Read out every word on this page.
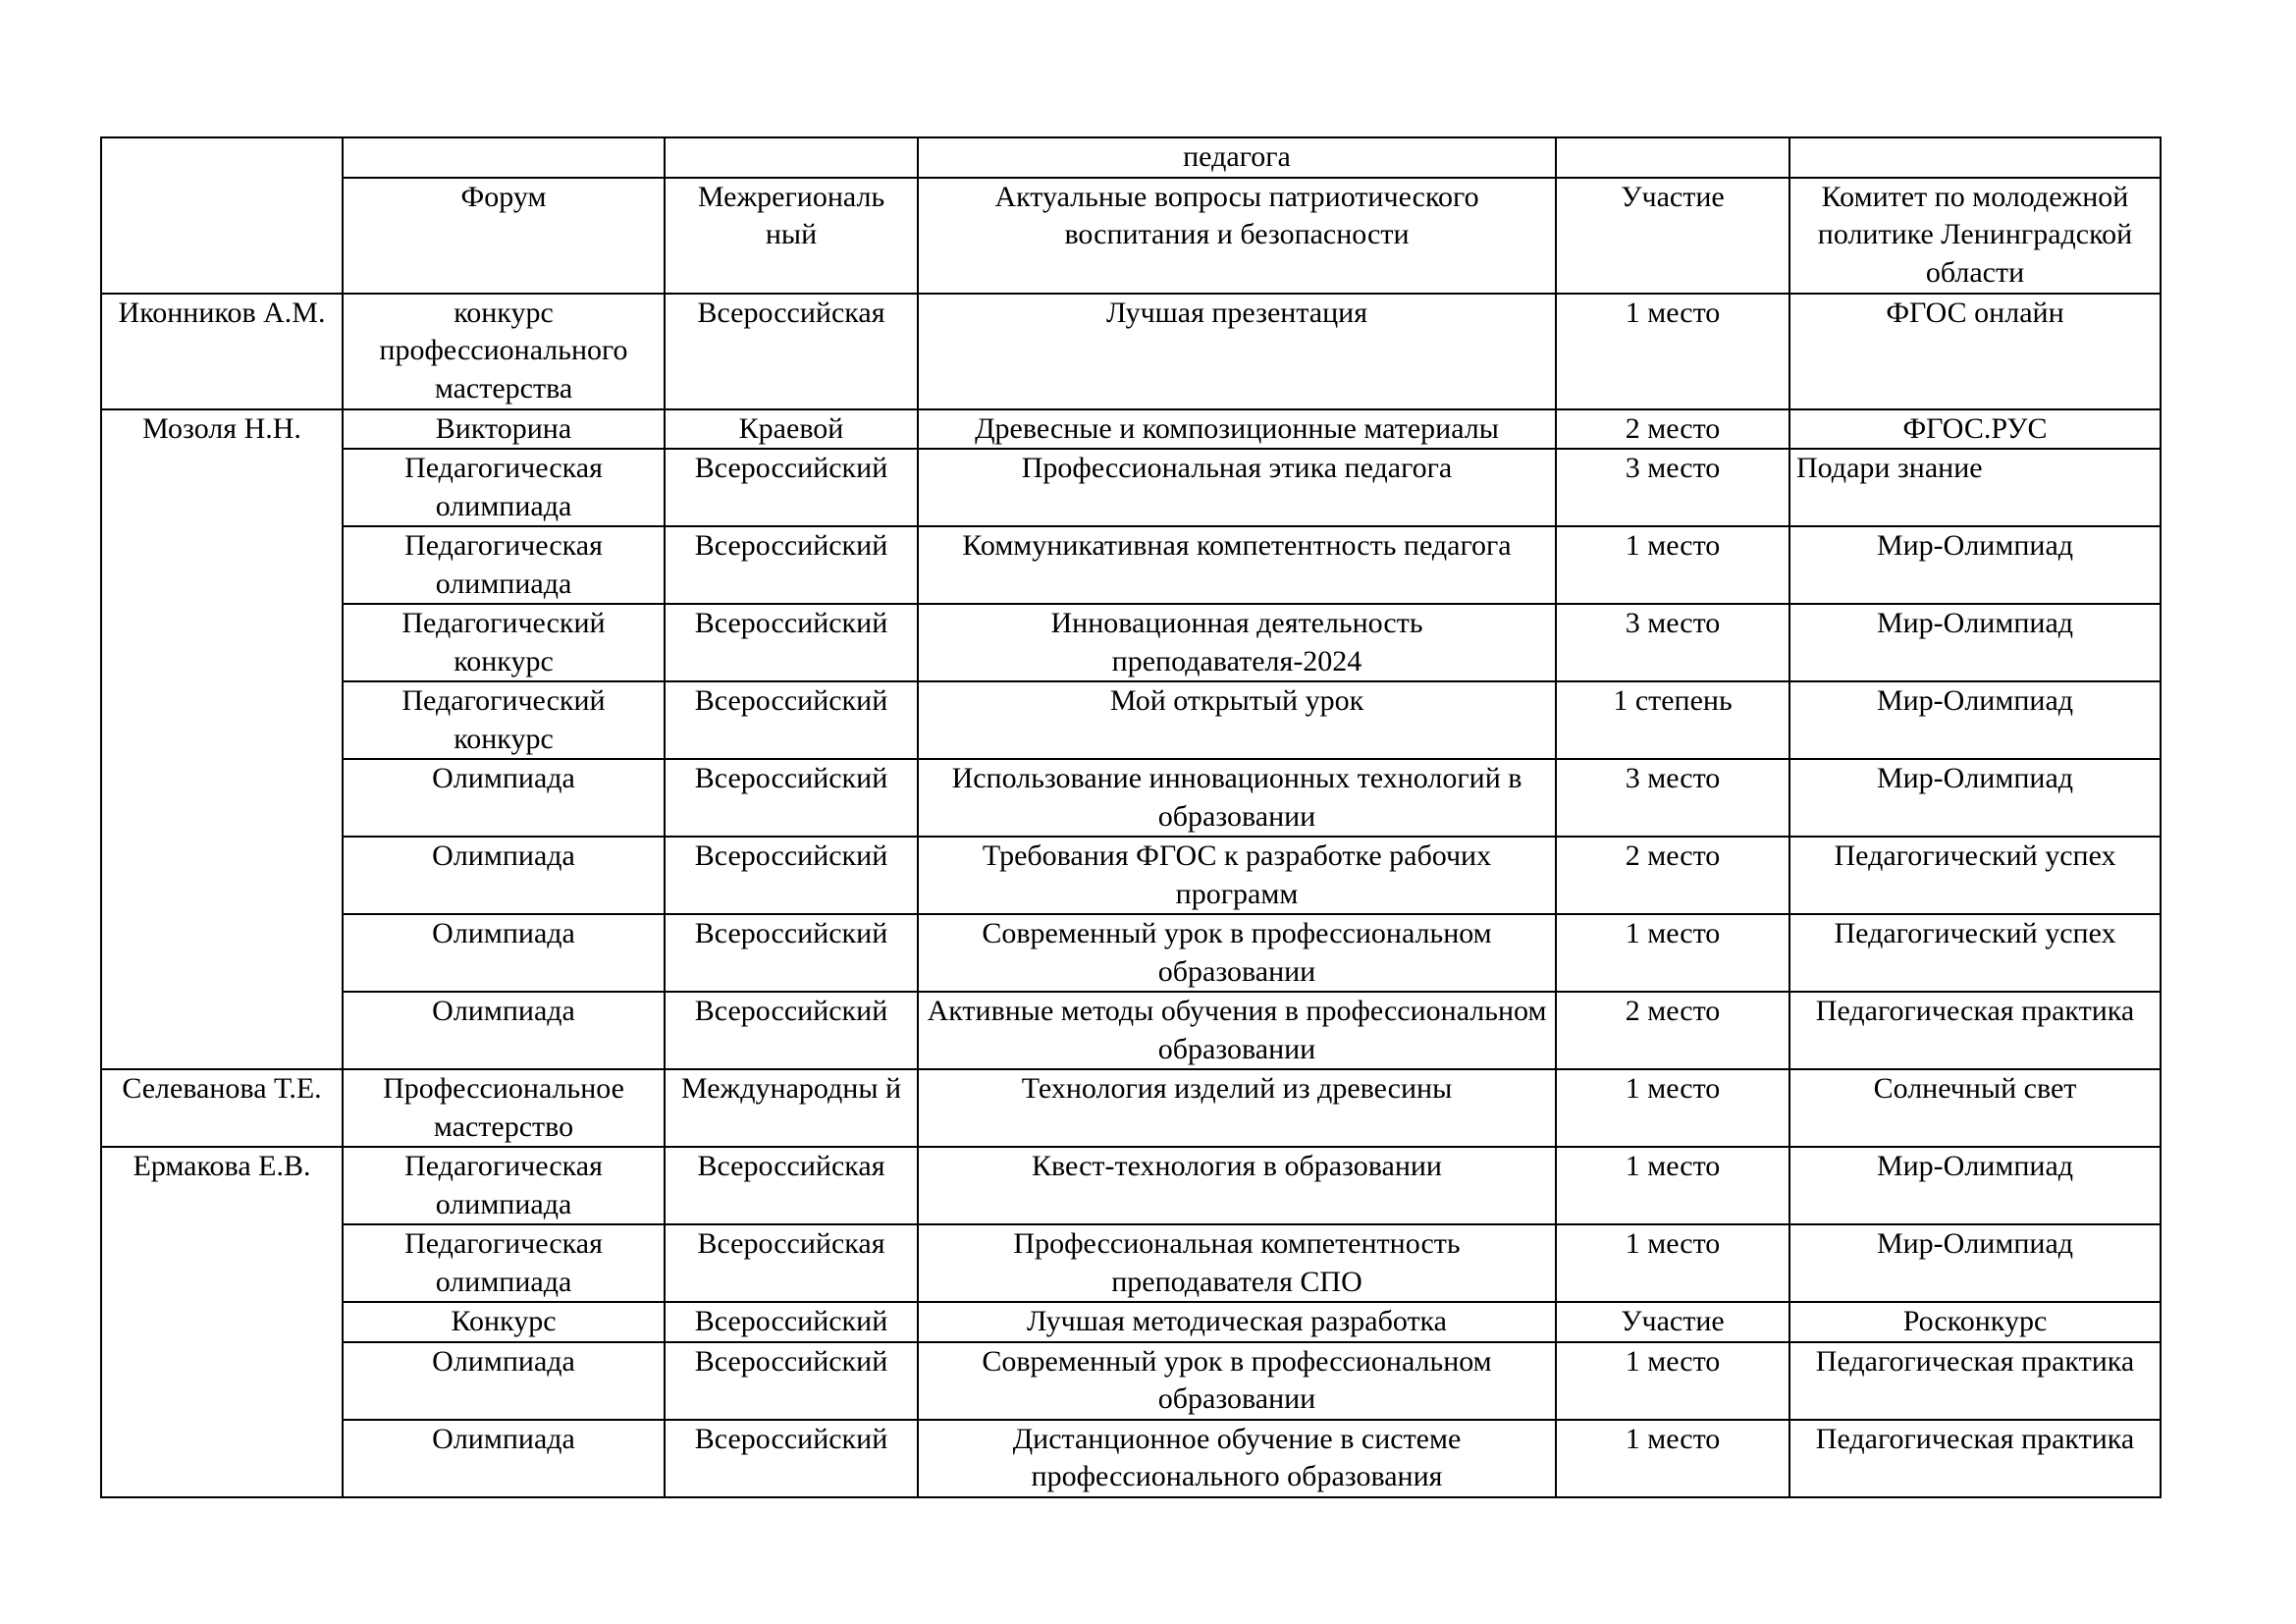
			педагога		
	Форум	Межрегиональ ный	Актуальные вопросы патриотического воспитания и безопасности	Участие	Комитет по молодежной политике Ленинградской области
Иконников А.М.	конкурс профессионального мастерства	Всероссийская	Лучшая презентация	1 место	ФГОС онлайн
Мозоля Н.Н.	Викторина	Краевой	Древесные и композиционные материалы	2 место	ФГОС.РУС
	Педагогическая олимпиада	Всероссийский	Профессиональная этика педагога	3 место	Подари знание
	Педагогическая олимпиада	Всероссийский	Коммуникативная компетентность педагога	1 место	Мир-Олимпиад
	Педагогический конкурс	Всероссийский	Инновационная деятельность преподавателя-2024	3 место	Мир-Олимпиад
	Педагогический конкурс	Всероссийский	Мой открытый урок	1 степень	Мир-Олимпиад
	Олимпиада	Всероссийский	Использование инновационных технологий в образовании	3 место	Мир-Олимпиад
	Олимпиада	Всероссийский	Требования ФГОС к разработке рабочих программ	2 место	Педагогический успех
	Олимпиада	Всероссийский	Современный урок в профессиональном образовании	1 место	Педагогический успех
	Олимпиада	Всероссийский	Активные методы обучения в профессиональном образовании	2 место	Педагогическая практика
Селеванова Т.Е.	Профессиональное мастерство	Международны й	Технология изделий из древесины	1 место	Солнечный свет
Ермакова Е.В.	Педагогическая олимпиада	Всероссийская	Квест-технология в образовании	1 место	Мир-Олимпиад
	Педагогическая олимпиада	Всероссийская	Профессиональная компетентность преподавателя СПО	1 место	Мир-Олимпиад
	Конкурс	Всероссийский	Лучшая методическая разработка	Участие	Росконкурс
	Олимпиада	Всероссийский	Современный урок в профессиональном образовании	1 место	Педагогическая практика
	Олимпиада	Всероссийский	Дистанционное обучение в системе профессионального образования	1 место	Педагогическая практика
